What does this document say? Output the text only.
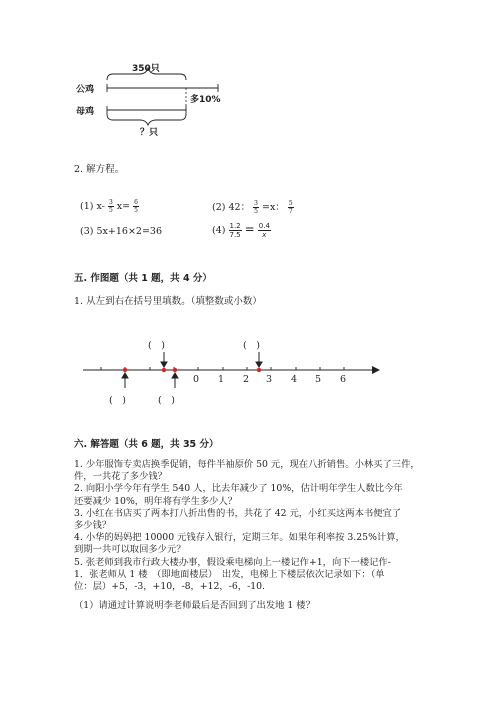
350只
公鸡
母鸡
多10%
？只
2. 解方程。
(1) $x- \frac{3}{5} x= \frac{6}{5}$	(2) 42： $\frac{3}{5} =x$： $\frac{5}{7}$
(3) 5x+16×2=36	$(4) \frac{1.2}{7.5} = \frac{0.4}{x}$
五. 作图题（共 1 题，共 4 分）
1. 从左到右在括号里填数。（填整数或小数）
0 1 2 3 4 5 6
(　)	(　)
(　)	(　)
六. 解答题（共 6 题，共 35 分）
1. 少年服饰专卖店换季促销，每件半袖原价 50 元，现在八折销售。小林买了三件，
件，一共花了多少钱？
2. 向阳小学今年有学生 540 人，比去年减少了 10%，估计明年学生人数比今年
还要减少 10%，明年将有学生多少人？
3. 小红在书店买了两本打八折出售的书，共花了 42 元，小红买这两本书便宜了
多少钱？
4. 小华的妈妈把 10000 元钱存入银行，定期三年。如果年利率按 3.25%计算，
到期一共可以取回多少元？
5. 张老师到我市行政大楼办事，假设乘电梯向上一楼记作+1，向下一楼记作-
1．张老师从 1 楼　（即地面楼层）　出发，电梯上下楼层依次记录如下：（单
位：层）+5，-3，+10，-8，+12，-6，-10.
（1）请通过计算说明李老师最后是否回到了出发地 1 楼？
